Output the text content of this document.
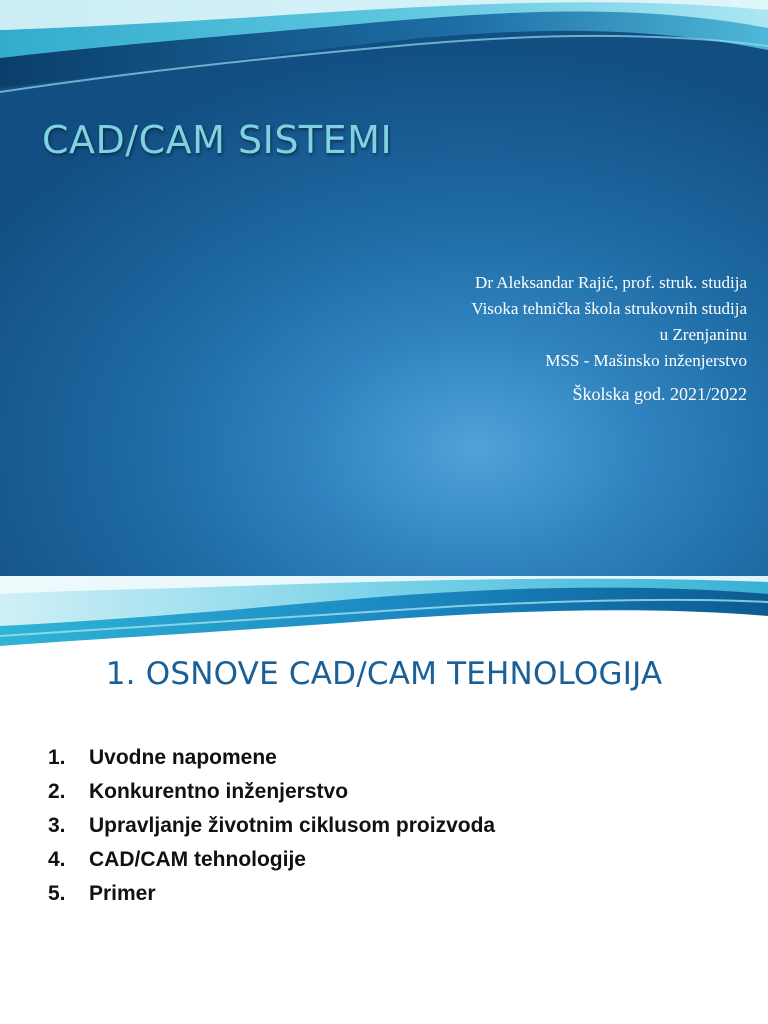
CAD/CAM SISTEMI
Dr Aleksandar Rajić, prof. struk. studija
Visoka tehnička škola strukovnih studija
u Zrenjaninu
MSS - Mašinsko inženjerstvo
Školska god. 2021/2022
1. OSNOVE CAD/CAM TEHNOLOGIJA
1.	Uvodne napomene
2.	Konkurentno inženjerstvo
3.	Upravljanje životnim ciklusom proizvoda
4.	CAD/CAM tehnologije
5.	Primer
